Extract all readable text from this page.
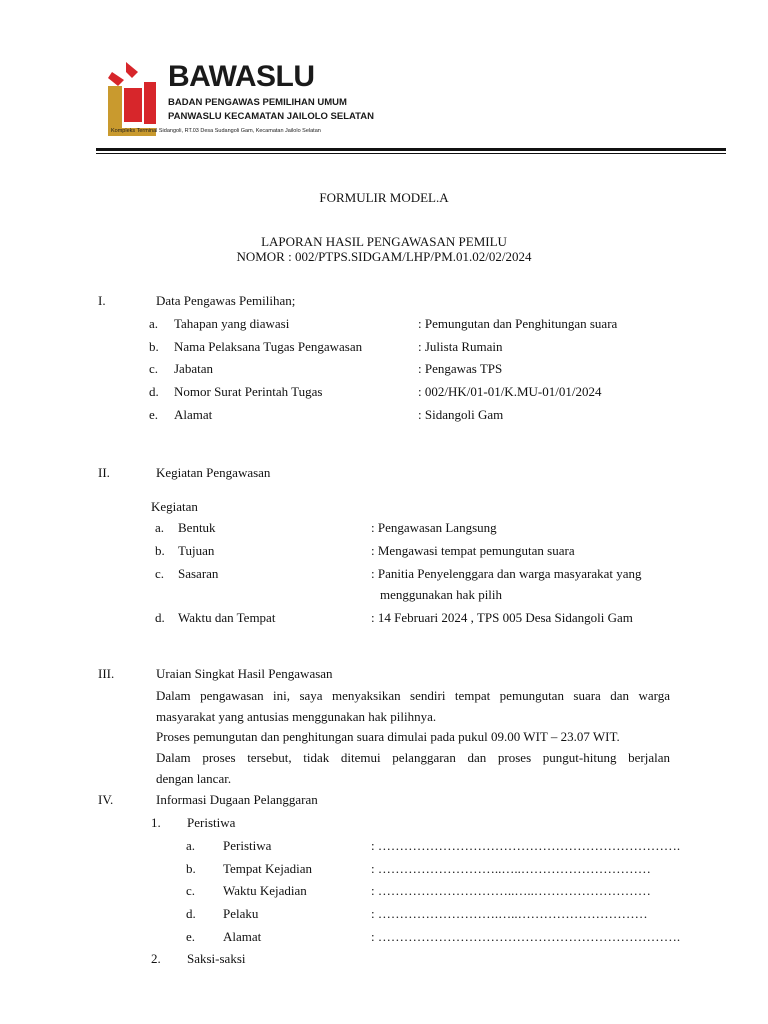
BAWASLU
BADAN PENGAWAS PEMILIHAN UMUM
PANWASLU KECAMATAN JAILOLO SELATAN
Kompleks Terminal Sidangoli, RT.03 Desa Sudangoli Gam, Kecamatan Jailolo Selatan
FORMULIR MODEL.A
LAPORAN HASIL PENGAWASAN PEMILU
NOMOR : 002/PTPS.SIDGAM/LHP/PM.01.02/02/2024
I.	Data Pengawas Pemilihan;
a. Tahapan yang diawasi	: Pemungutan dan Penghitungan suara
b. Nama Pelaksana Tugas Pengawasan	: Julista Rumain
c. Jabatan	: Pengawas TPS
d. Nomor Surat Perintah Tugas	: 002/HK/01-01/K.MU-01/01/2024
e. Alamat	: Sidangoli Gam
II.	Kegiatan Pengawasan
Kegiatan
a. Bentuk	: Pengawasan Langsung
b. Tujuan	: Mengawasi tempat pemungutan suara
c. Sasaran	: Panitia Penyelenggara dan warga masyarakat yang
menggunakan hak pilih
d. Waktu dan Tempat	: 14 Februari 2024 , TPS 005 Desa Sidangoli Gam
III.	Uraian Singkat Hasil Pengawasan
Dalam pengawasan ini, saya menyaksikan sendiri tempat pemungutan suara dan warga
masyarakat yang antusias menggunakan hak pilihnya.
Proses pemungutan dan penghitungan suara dimulai pada pukul 09.00 WIT – 23.07 WIT.
Dalam proses tersebut, tidak ditemui pelanggaran dan proses pungut-hitung berjalan
dengan lancar.
IV.	Informasi Dugaan Pelanggaran
1. Peristiwa
a. Peristiwa	: …………………………………………………………….
b. Tempat Kejadian	: ………………………..…..…………………………
c. Waktu Kejadian	: …………………………..…..………………………
d. Pelaku	: ……………………….…..…………………………
e. Alamat	: …………………………………………………………….
2. Saksi-saksi
